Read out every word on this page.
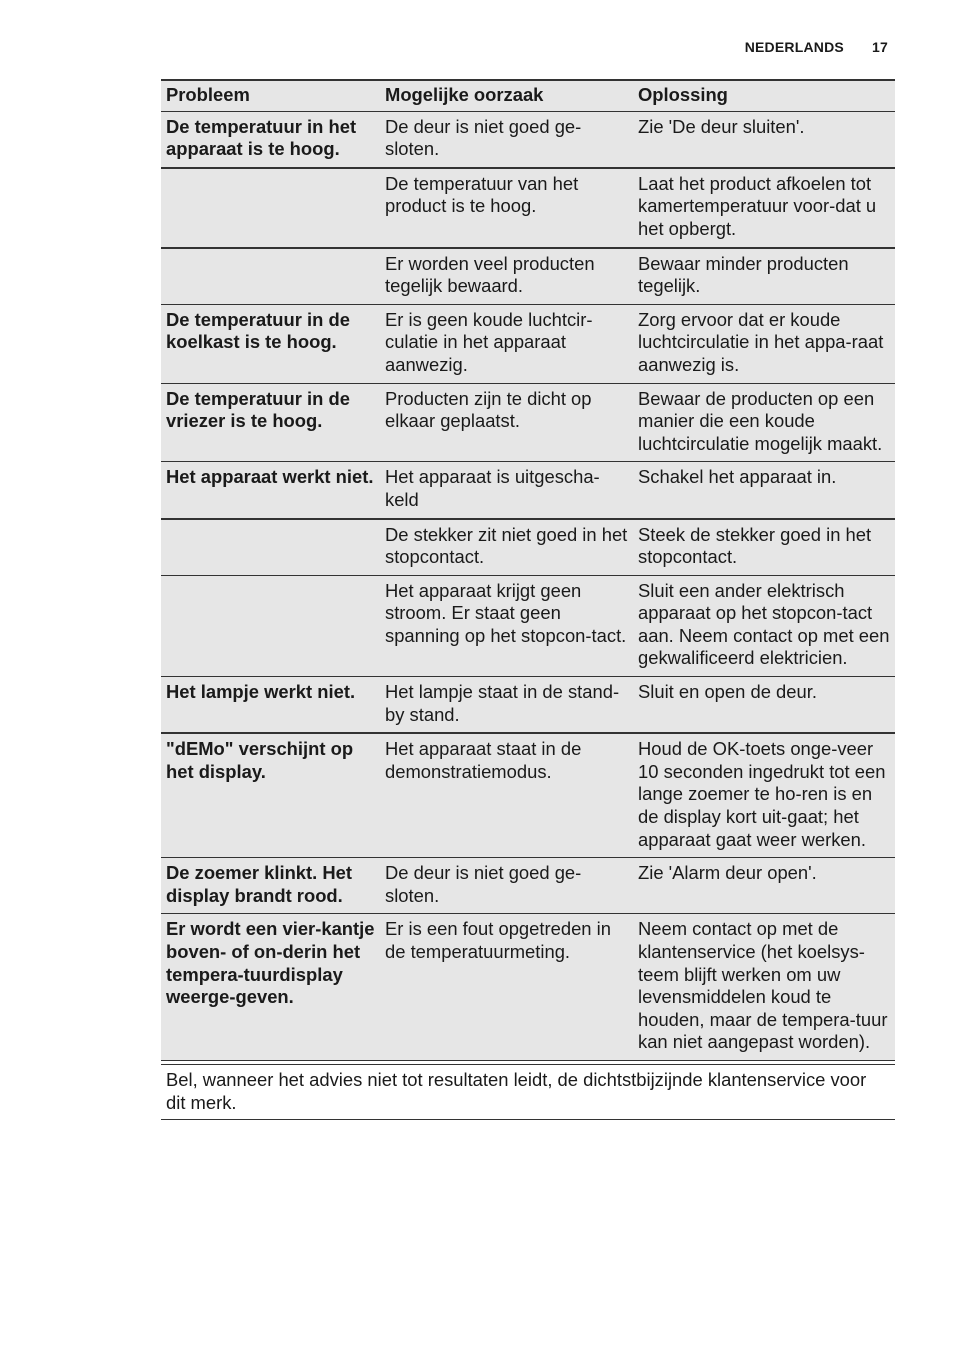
NEDERLANDS 17
Probleem	Mogelijke oorzaak	Oplossing
De temperatuur in het apparaat is te hoog.	De deur is niet goed ge-sloten.	Zie 'De deur sluiten'.
	De temperatuur van het product is te hoog.	Laat het product afkoelen tot kamertemperatuur voor-dat u het opbergt.
	Er worden veel producten tegelijk bewaard.	Bewaar minder producten tegelijk.
De temperatuur in de koelkast is te hoog.	Er is geen koude luchtcir-culatie in het apparaat aanwezig.	Zorg ervoor dat er koude luchtcirculatie in het appa-raat aanwezig is.
De temperatuur in de vriezer is te hoog.	Producten zijn te dicht op elkaar geplaatst.	Bewaar de producten op een manier die een koude luchtcirculatie mogelijk maakt.
Het apparaat werkt niet.	Het apparaat is uitgescha-keld	Schakel het apparaat in.
	De stekker zit niet goed in het stopcontact.	Steek de stekker goed in het stopcontact.
	Het apparaat krijgt geen stroom. Er staat geen spanning op het stopcon-tact.	Sluit een ander elektrisch apparaat op het stopcon-tact aan. Neem contact op met een gekwalificeerd elektricien.
Het lampje werkt niet.	Het lampje staat in de stand-by stand.	Sluit en open de deur.
"dEMo" verschijnt op het display.	Het apparaat staat in de demonstratiemodus.	Houd de OK-toets onge-veer 10 seconden ingedrukt tot een lange zoemer te ho-ren is en de display kort uit-gaat; het apparaat gaat weer werken.
De zoemer klinkt. Het display brandt rood.	De deur is niet goed ge-sloten.	Zie 'Alarm deur open'.
Er wordt een vier-kantje boven- of on-derin het tempera-tuurdisplay weerge-geven.	Er is een fout opgetreden in de temperatuurmeting.	Neem contact op met de klantenservice (het koelsys-teem blijft werken om uw levensmiddelen koud te houden, maar de tempera-tuur kan niet aangepast worden).
Bel, wanneer het advies niet tot resultaten leidt, de dichtstbijzijnde klantenservice voor dit merk.
